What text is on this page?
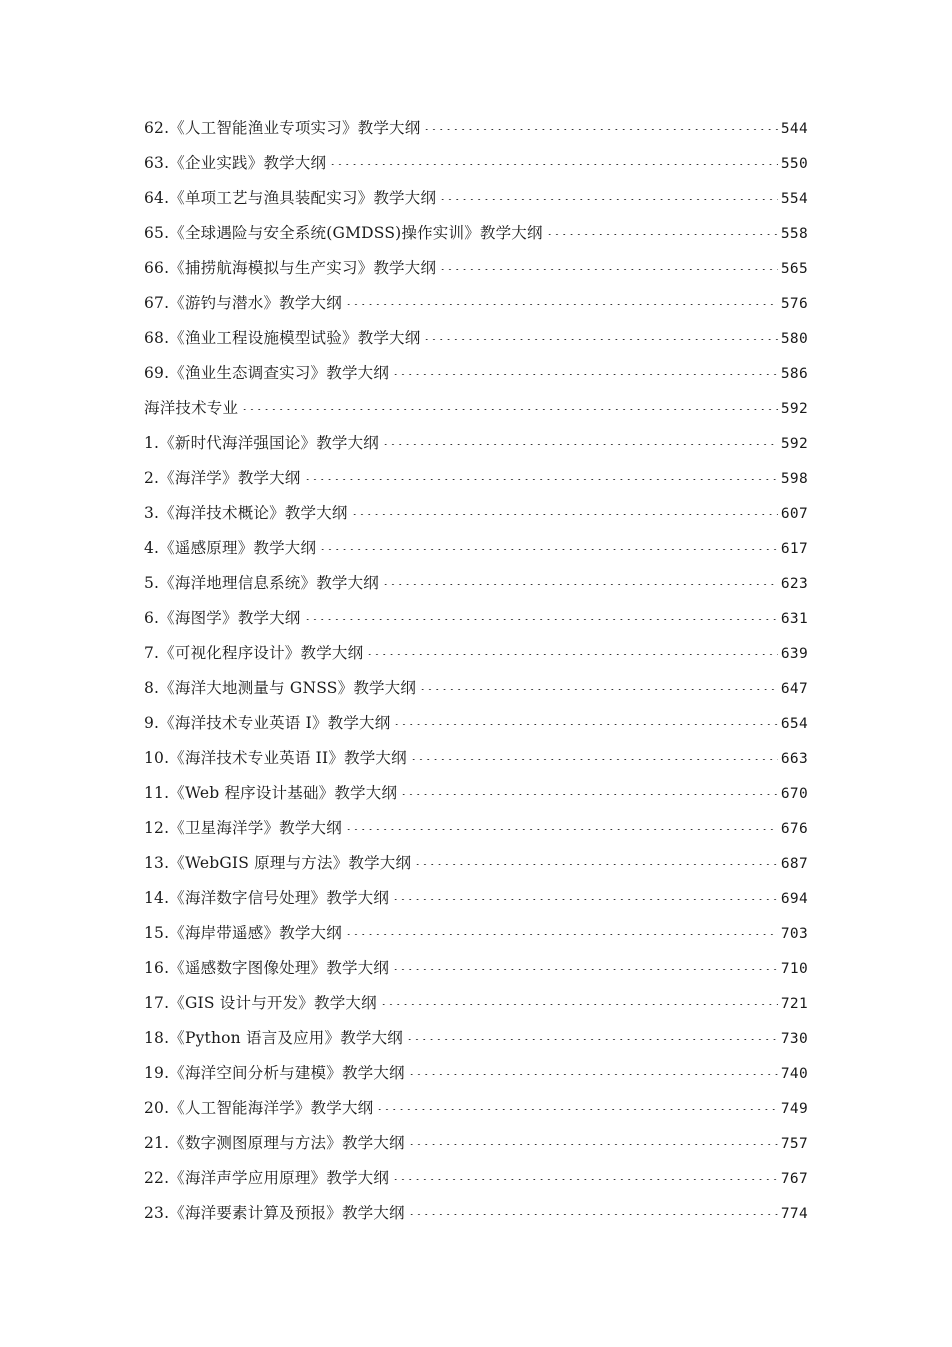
62.《人工智能渔业专项实习》教学大纲	544
63.《企业实践》教学大纲	550
64.《单项工艺与渔具装配实习》教学大纲	554
65.《全球遇险与安全系统(GMDSS)操作实训》教学大纲	558
66.《捕捞航海模拟与生产实习》教学大纲	565
67.《游钓与潜水》教学大纲	576
68.《渔业工程设施模型试验》教学大纲	580
69.《渔业生态调查实习》教学大纲	586
海洋技术专业	592
1.《新时代海洋强国论》教学大纲	592
2.《海洋学》教学大纲	598
3.《海洋技术概论》教学大纲	607
4.《遥感原理》教学大纲	617
5.《海洋地理信息系统》教学大纲	623
6.《海图学》教学大纲	631
7.《可视化程序设计》教学大纲	639
8.《海洋大地测量与 GNSS》教学大纲	647
9.《海洋技术专业英语 I》教学大纲	654
10.《海洋技术专业英语 II》教学大纲	663
11.《Web 程序设计基础》教学大纲	670
12.《卫星海洋学》教学大纲	676
13.《WebGIS 原理与方法》教学大纲	687
14.《海洋数字信号处理》教学大纲	694
15.《海岸带遥感》教学大纲	703
16.《遥感数字图像处理》教学大纲	710
17.《GIS 设计与开发》教学大纲	721
18.《Python 语言及应用》教学大纲	730
19.《海洋空间分析与建模》教学大纲	740
20.《人工智能海洋学》教学大纲	749
21.《数字测图原理与方法》教学大纲	757
22.《海洋声学应用原理》教学大纲	767
23.《海洋要素计算及预报》教学大纲	774
